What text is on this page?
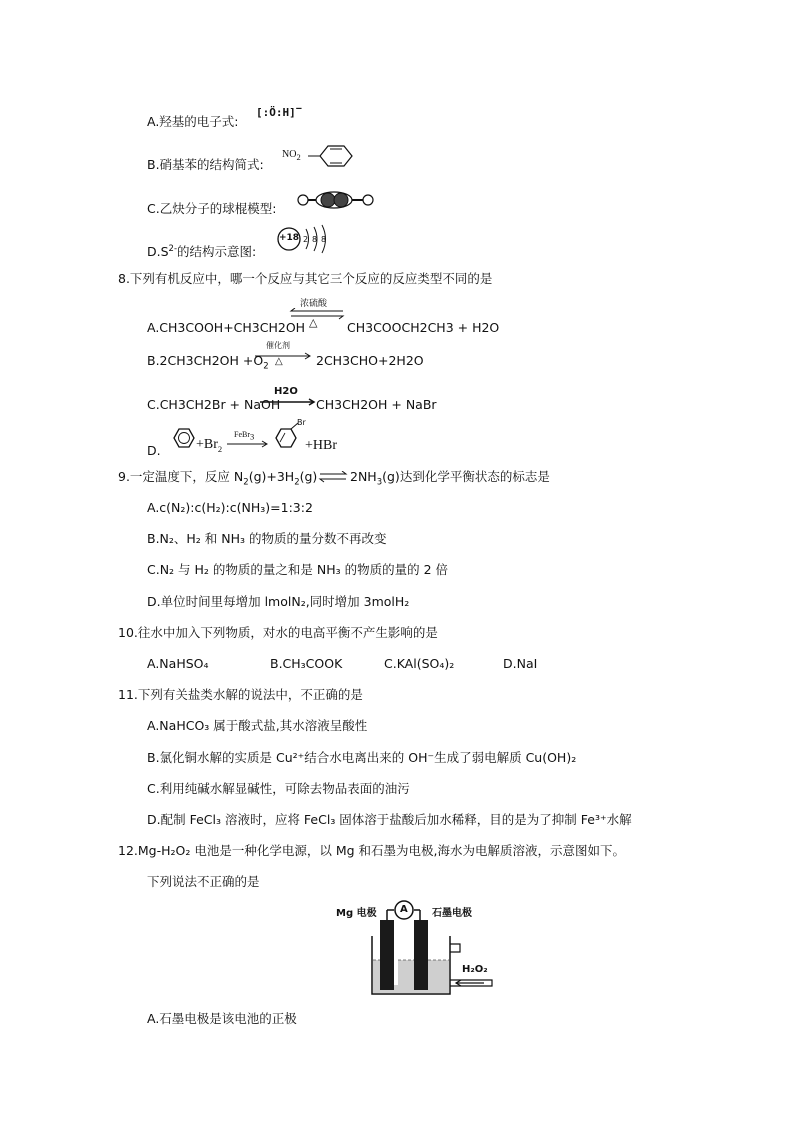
A.羟基的电子式:
[:Ö:H]−
B.硝基苯的结构简式:
$NO_2$
C.乙炔分子的球棍模型:
$D.S^{2-}$的结构示意图:
+18 2 8 8
8.下列有机反应中，哪一个反应与其它三个反应的反应类型不同的是
A.CH3COOH+CH3CH2OH
浓硫酸
△ CH3COOCH2CH3 + H2O
$B.2CH3CH2OH +O_2$
催化剂
△	2CH3CHO+2H2O
C.CH3CH2Br + NaOH
H2O
CH3CH2OH + NaBr
D.	$+Br_2$
FeBr$_3$
Br
+HBr
9.一定温度下，反应 $N_2(g)+3H_2(g)$	$2NH_3(g)$达到化学平衡状态的标志是
A.c(N₂):c(H₂):c(NH₃)=1:3:2
B.N₂、H₂ 和 NH₃ 的物质的量分数不再改变
C.N₂ 与 H₂ 的物质的量之和是 NH₃ 的物质的量的 2 倍
D.单位时间里每增加 lmolN₂,同时增加 3molH₂
10.往水中加入下列物质，对水的电高平衡不产生影响的是
A.NaHSO₄	B.CH₃COOK	C.KAl(SO₄)₂	D.NaI
11.下列有关盐类水解的说法中，不正确的是
A.NaHCO₃ 属于酸式盐,其水溶液呈酸性
B.氯化铜水解的实质是 Cu²⁺结合水电离出来的 OH⁻生成了弱电解质 Cu(OH)₂
C.利用纯碱水解显碱性，可除去物品表面的油污
D.配制 FeCl₃ 溶液时，应将 FeCl₃ 固体溶于盐酸后加水稀释，目的是为了抑制 Fe³⁺水解
12.Mg-H₂O₂ 电池是一种化学电源，以 Mg 和石墨为电极,海水为电解质溶液，示意图如下。
下列说法不正确的是
Mg 电极 A 石墨电极
H₂O₂
A.石墨电极是该电池的正极
